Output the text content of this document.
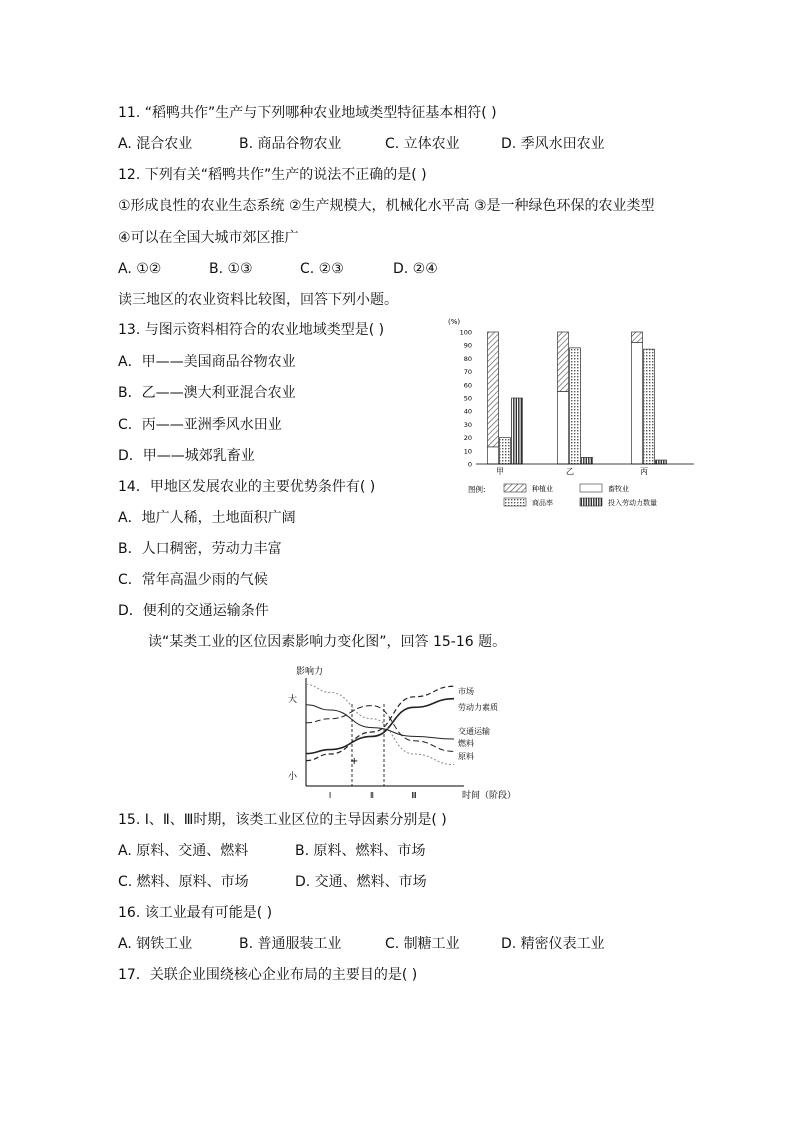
11. “稻鸭共作”生产与下列哪种农业地域类型特征基本相符( )
A. 混合农业	B. 商品谷物农业	C. 立体农业	D. 季风水田农业
12. 下列有关“稻鸭共作”生产的说法不正确的是( )
①形成良性的农业生态系统 ②生产规模大，机械化水平高 ③是一种绿色环保的农业类型
④可以在全国大城市郊区推广
A. ①②	B. ①③	C. ②③	D. ②④
读三地区的农业资料比较图，回答下列小题。
13. 与图示资料相符合的农业地域类型是( )
A．甲——美国商品谷物农业
B．乙——澳大利亚混合农业
C．丙——亚洲季风水田业
D．甲——城郊乳畜业
14．甲地区发展农业的主要优势条件有( )
A．地广人稀，土地面积广阔
B．人口稠密，劳动力丰富
C．常年高温少雨的气候
D．便利的交通运输条件
读“某类工业的区位因素影响力变化图”，回答 15-16 题。
15. Ⅰ、Ⅱ、Ⅲ时期，该类工业区位的主导因素分别是( )
A. 原料、交通、燃料	B. 原料、燃料、市场
C. 燃料、原料、市场	D. 交通、燃料、市场
16. 该工业最有可能是( )
A. 钢铁工业	B. 普通服装工业	C. 制糖工业	D. 精密仪表工业
17．关联企业围绕核心企业布局的主要目的是( )
(%)
0
10
20
30
40
50
60
70
80
90
100
甲	乙	丙
图例:	种植业	畜牧业
商品率	投入劳动力数量
影响力
大
小
时间（阶段）
Ⅰ	Ⅱ	Ⅲ
市场
劳动力素质
交通运输
燃料
原料
+
